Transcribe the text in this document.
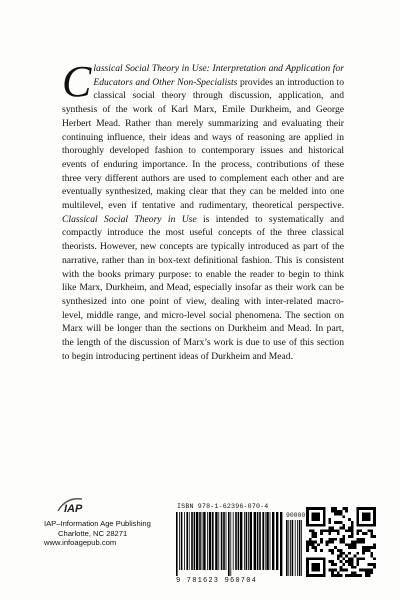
Classical Social Theory in Use: Interpretation and Application for Educators and Other Non-Specialists provides an introduction to classical social theory through discussion, application, and synthesis of the work of Karl Marx, Emile Durkheim, and George Herbert Mead. Rather than merely summarizing and evaluating their continuing influence, their ideas and ways of reasoning are applied in thoroughly developed fashion to contemporary issues and historical events of enduring importance. In the process, contributions of these three very different authors are used to complement each other and are eventually synthesized, making clear that they can be melded into one multilevel, even if tentative and rudimentary, theoretical perspective. Classical Social Theory in Use is intended to systematically and compactly introduce the most useful concepts of the three classical theorists. However, new concepts are typically introduced as part of the narrative, rather than in box-text definitional fashion. This is consistent with the books primary purpose: to enable the reader to begin to think like Marx, Durkheim, and Mead, especially insofar as their work can be synthesized into one point of view, dealing with inter-related macro-level, middle range, and micro-level social phenomena. The section on Marx will be longer than the sections on Durkheim and Mead. In part, the length of the discussion of Marx’s work is due to use of this section to begin introducing pertinent ideas of Durkheim and Mead.

IAP
IAP–Information Age Publishing
Charlotte, NC 28271
www.infoagepub.com
ISBN 978-1-62396-070-4
90000
9 781623 960704
